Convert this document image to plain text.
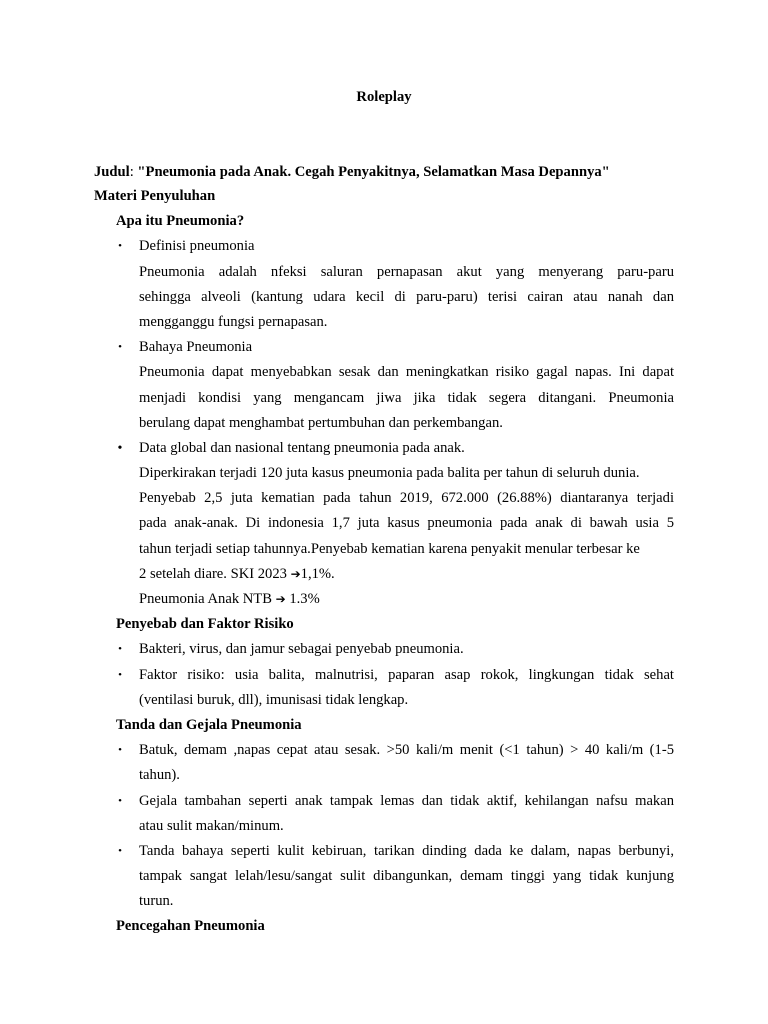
Roleplay
Judul: "Pneumonia pada Anak. Cegah Penyakitnya, Selamatkan Masa Depannya"
Materi Penyuluhan
Apa itu Pneumonia?
• Definisi pneumonia
Pneumonia adalah nfeksi saluran pernapasan akut yang menyerang paru-paru
sehingga alveoli (kantung udara kecil di paru-paru) terisi cairan atau nanah dan
mengganggu fungsi pernapasan.
• Bahaya Pneumonia
Pneumonia dapat menyebabkan sesak dan meningkatkan risiko gagal napas. Ini dapat
menjadi kondisi yang mengancam jiwa jika tidak segera ditangani. Pneumonia
berulang dapat menghambat pertumbuhan dan perkembangan.
• Data global dan nasional tentang pneumonia pada anak.
Diperkirakan terjadi 120 juta kasus pneumonia pada balita per tahun di seluruh dunia.
Penyebab 2,5 juta kematian pada tahun 2019, 672.000 (26.88%) diantaranya terjadi
pada anak-anak. Di indonesia 1,7 juta kasus pneumonia pada anak di bawah usia 5
tahun terjadi setiap tahunnya.Penyebab kematian karena penyakit menular terbesar ke
2 setelah diare. SKI 2023 ➔1,1%.
Pneumonia Anak NTB ➔ 1.3%
Penyebab dan Faktor Risiko
• Bakteri, virus, dan jamur sebagai penyebab pneumonia.
• Faktor risiko: usia balita, malnutrisi, paparan asap rokok, lingkungan tidak sehat
(ventilasi buruk, dll), imunisasi tidak lengkap.
Tanda dan Gejala Pneumonia
• Batuk, demam ,napas cepat atau sesak. >50 kali/m menit (<1 tahun) > 40 kali/m (1-5
tahun).
• Gejala tambahan seperti anak tampak lemas dan tidak aktif, kehilangan nafsu makan
atau sulit makan/minum.
• Tanda bahaya seperti kulit kebiruan, tarikan dinding dada ke dalam, napas berbunyi,
tampak sangat lelah/lesu/sangat sulit dibangunkan, demam tinggi yang tidak kunjung
turun.
Pencegahan Pneumonia
